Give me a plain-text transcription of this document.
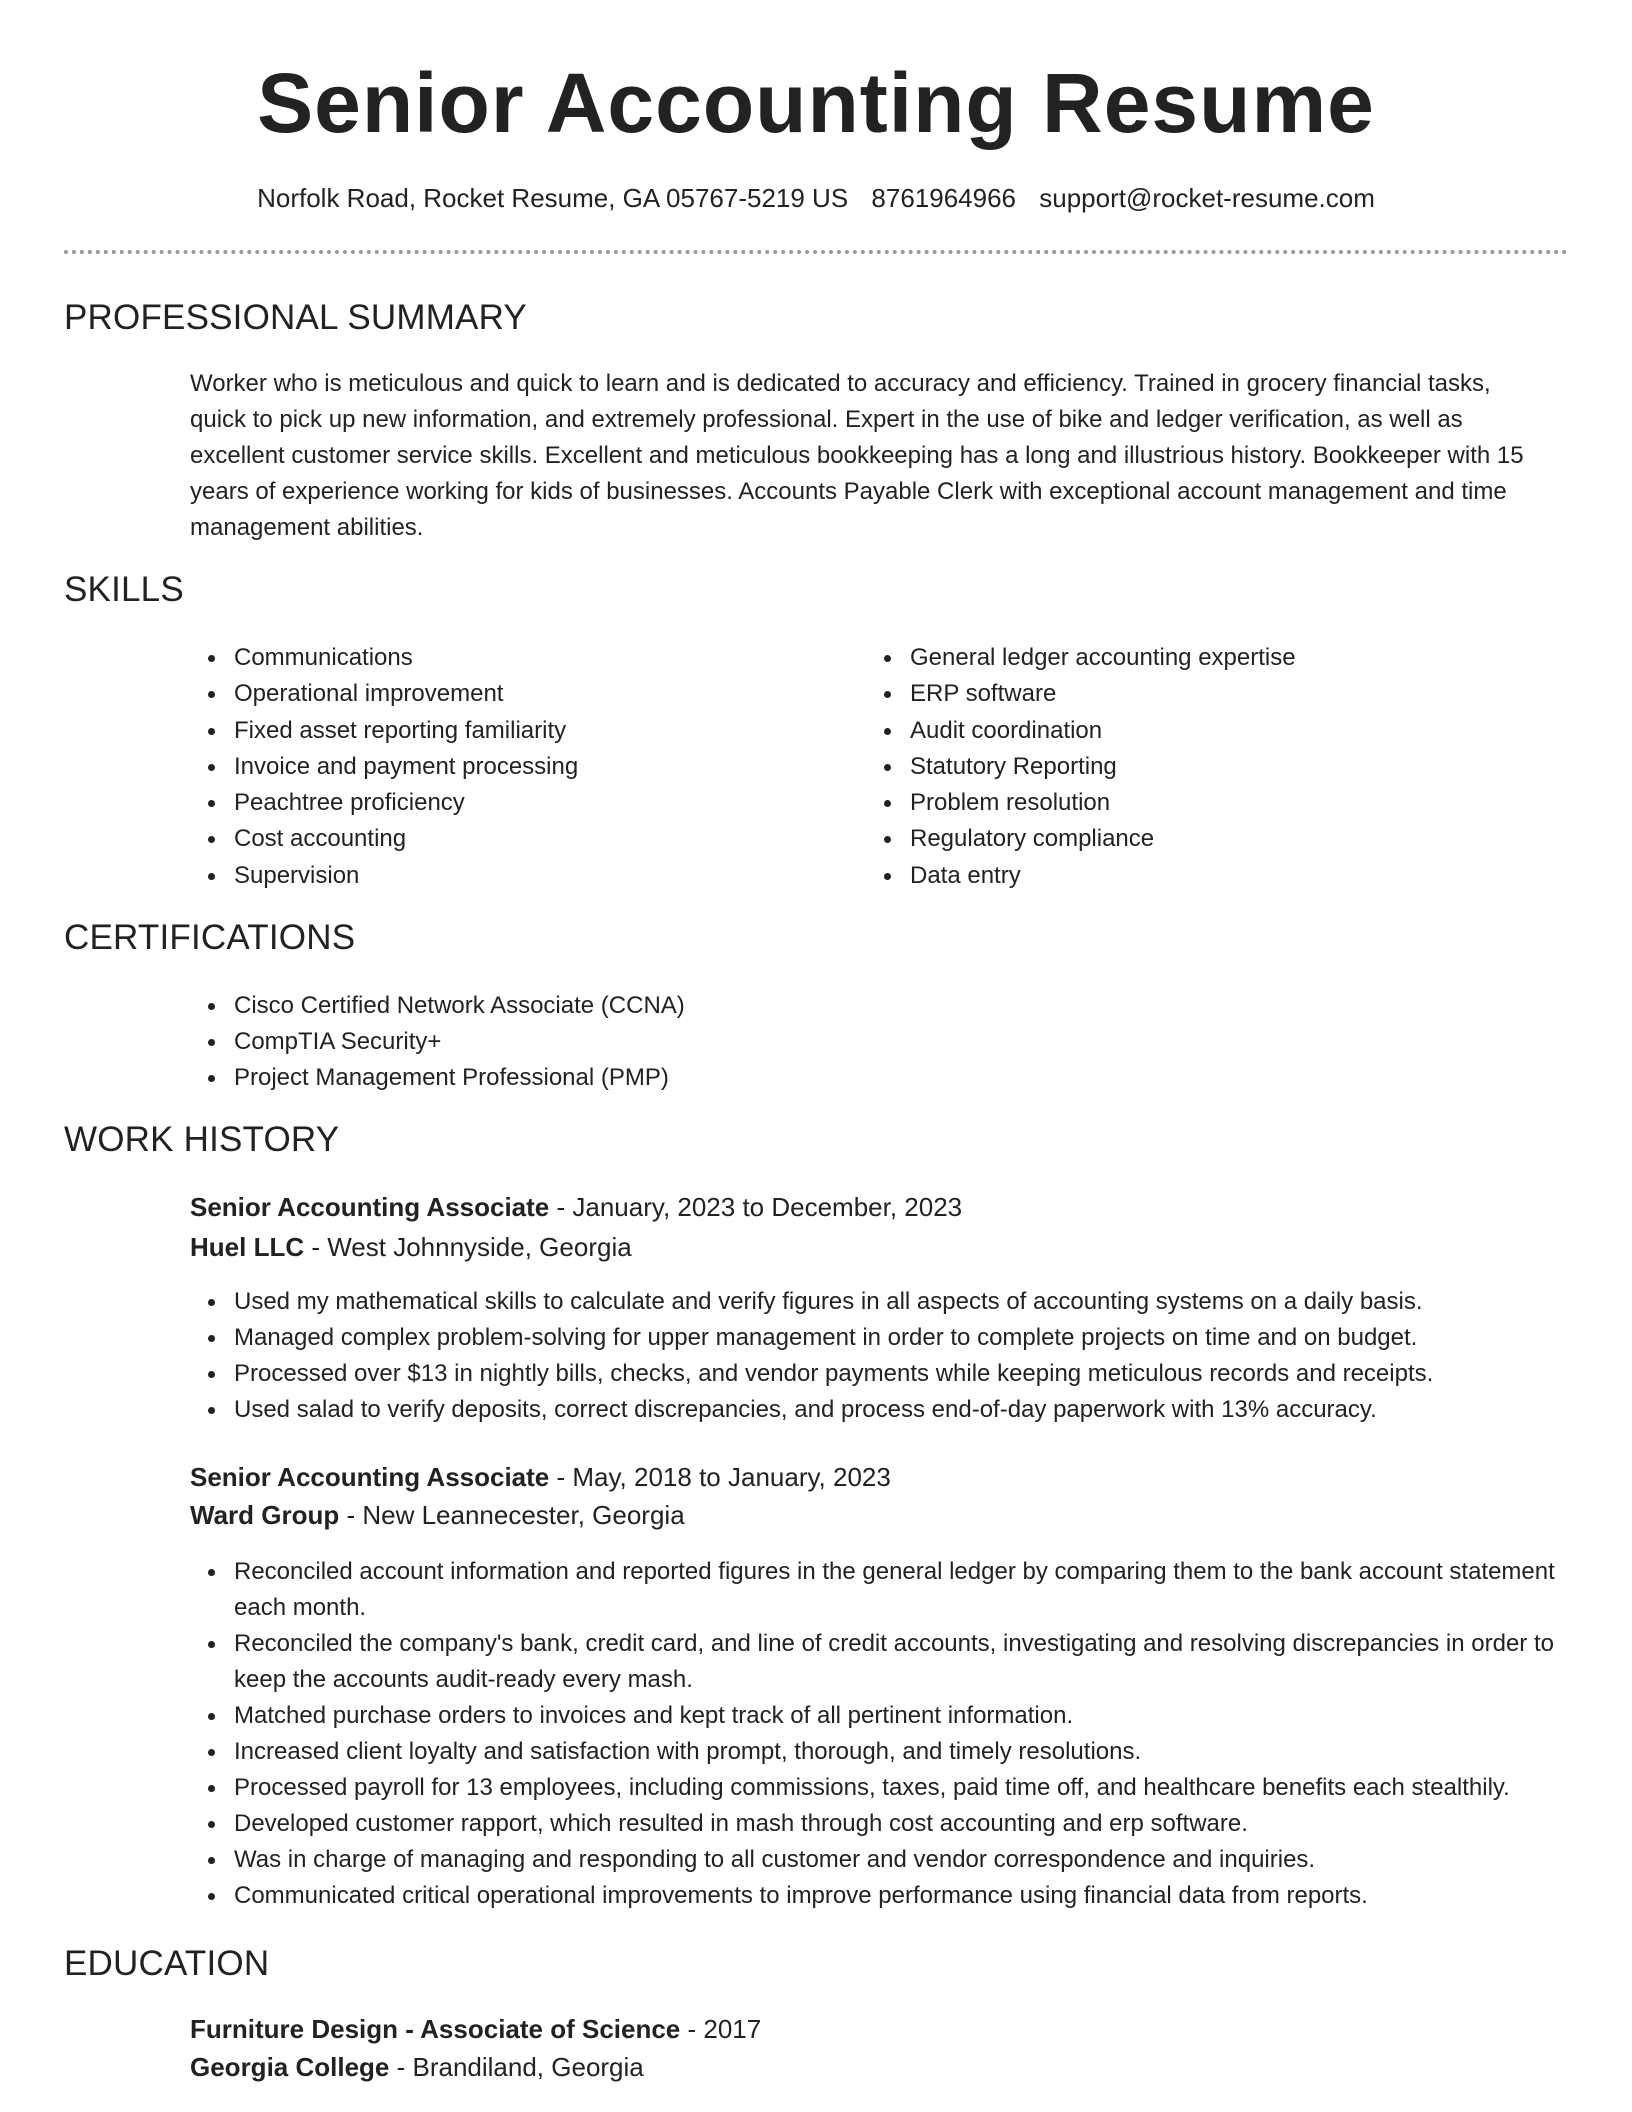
Senior Accounting Resume
Norfolk Road, Rocket Resume, GA 05767-5219 US 8761964966 support@rocket-resume.com
PROFESSIONAL SUMMARY

Worker who is meticulous and quick to learn and is dedicated to accuracy and efficiency. Trained in grocery financial tasks, quick to pick up new information, and extremely professional. Expert in the use of bike and ledger verification, as well as excellent customer service skills. Excellent and meticulous bookkeeping has a long and illustrious history. Bookkeeper with 15 years of experience working for kids of businesses. Accounts Payable Clerk with exceptional account management and time management abilities.

SKILLS
Communications
Operational improvement
Fixed asset reporting familiarity
Invoice and payment processing
Peachtree proficiency
Cost accounting
Supervision
General ledger accounting expertise
ERP software
Audit coordination
Statutory Reporting
Problem resolution
Regulatory compliance
Data entry
CERTIFICATIONS
Cisco Certified Network Associate (CCNA)
CompTIA Security+
Project Management Professional (PMP)
WORK HISTORY

Senior Accounting Associate - January, 2023 to December, 2023

Huel LLC - West Johnnyside, Georgia

Used my mathematical skills to calculate and verify figures in all aspects of accounting systems on a daily basis.
Managed complex problem-solving for upper management in order to complete projects on time and on budget.
Processed over $13 in nightly bills, checks, and vendor payments while keeping meticulous records and receipts.
Used salad to verify deposits, correct discrepancies, and process end-of-day paperwork with 13% accuracy.

Senior Accounting Associate - May, 2018 to January, 2023

Ward Group - New Leannecester, Georgia

Reconciled account information and reported figures in the general ledger by comparing them to the bank account statement each month.
Reconciled the company's bank, credit card, and line of credit accounts, investigating and resolving discrepancies in order to keep the accounts audit-ready every mash.
Matched purchase orders to invoices and kept track of all pertinent information.
Increased client loyalty and satisfaction with prompt, thorough, and timely resolutions.
Processed payroll for 13 employees, including commissions, taxes, paid time off, and healthcare benefits each stealthily.
Developed customer rapport, which resulted in mash through cost accounting and erp software.
Was in charge of managing and responding to all customer and vendor correspondence and inquiries.
Communicated critical operational improvements to improve performance using financial data from reports.
EDUCATION

Furniture Design - Associate of Science - 2017

Georgia College - Brandiland, Georgia
